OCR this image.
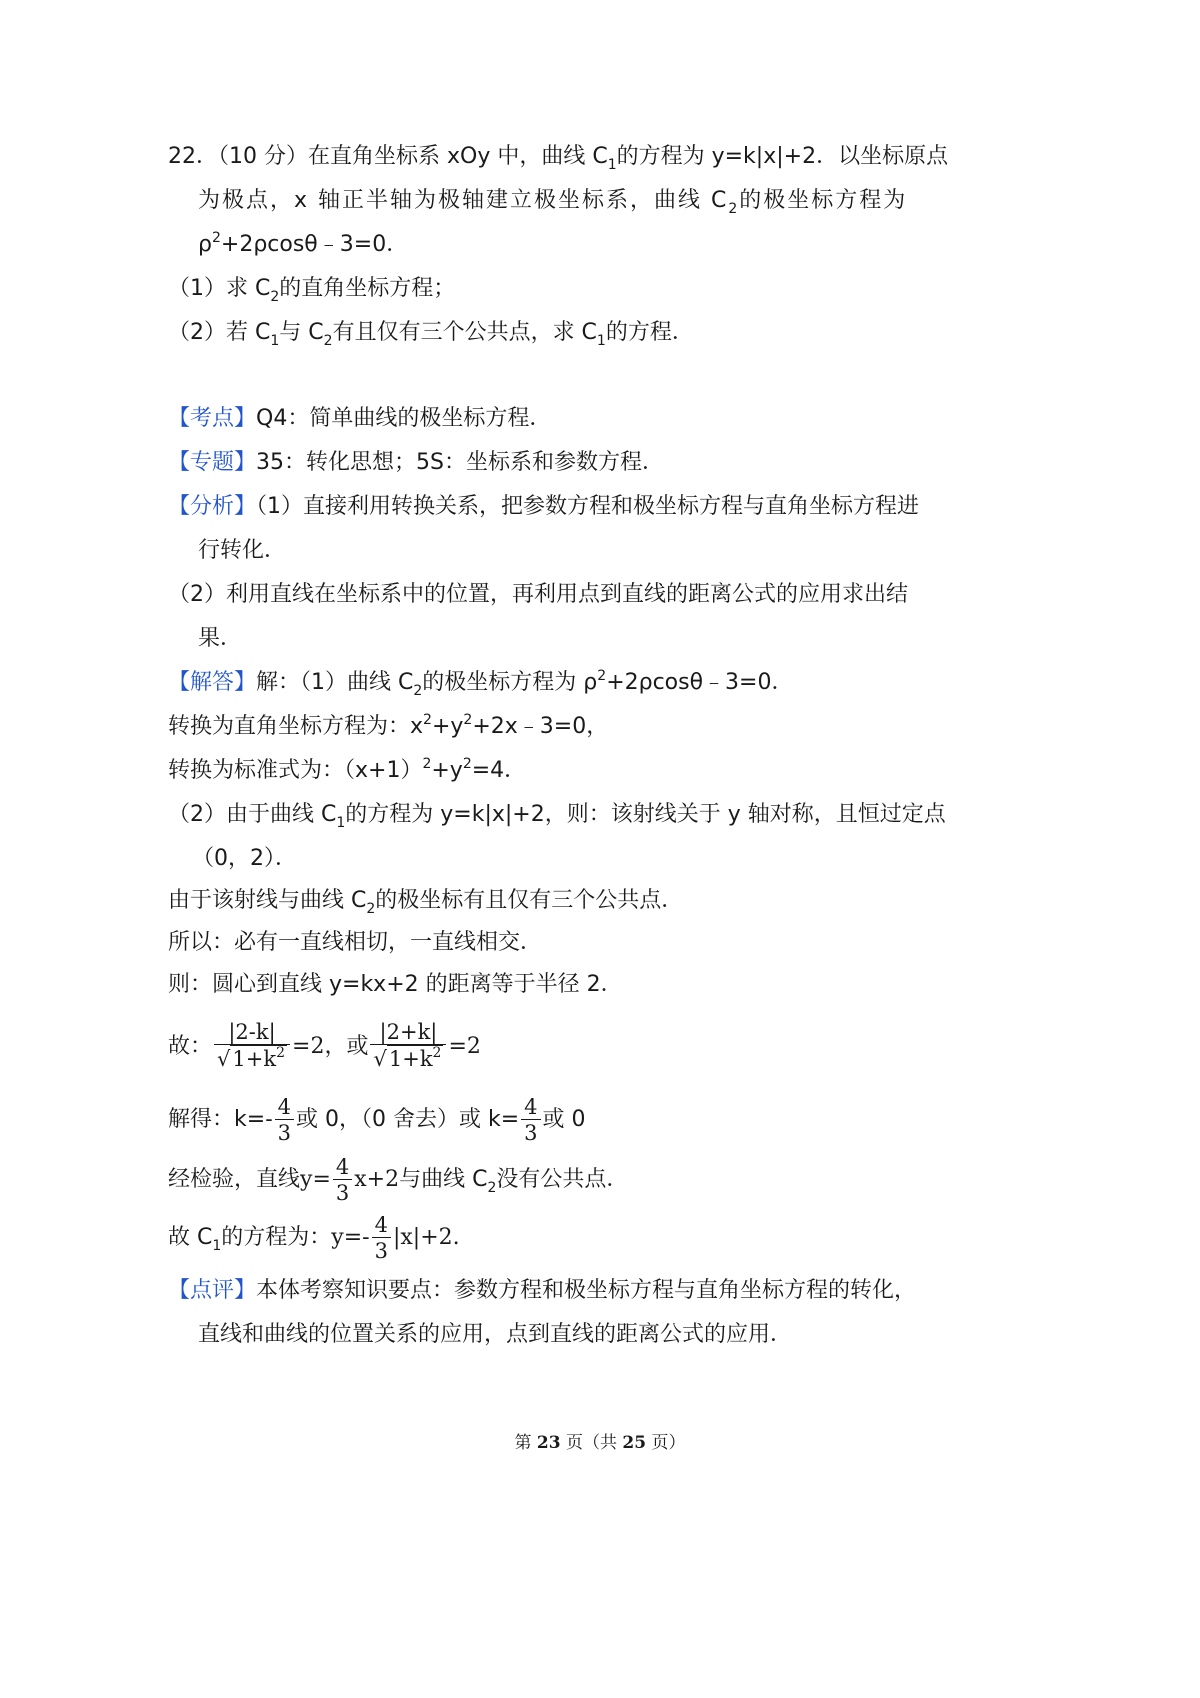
22．（10 分）在直角坐标系 xOy 中，曲线 $C_1$的方程为 y=k|x|+2．以坐标原点
为极点，x 轴正半轴为极轴建立极坐标系，曲线 $C_2$的极坐标方程为
$\rho^2+2\rho\cos\theta﹣3=0$．
（1）求 $C_2$的直角坐标方程；
（2）若 $C_1$与 $C_2$有且仅有三个公共点，求 $C_1$的方程．
【考点】Q4：简单曲线的极坐标方程．
【专题】35：转化思想；5S：坐标系和参数方程．
【分析】（1）直接利用转换关系，把参数方程和极坐标方程与直角坐标方程进
行转化．
（2）利用直线在坐标系中的位置，再利用点到直线的距离公式的应用求出结
果．
【解答】解：（1）曲线 $C_2$的极坐标方程为 $\rho^2+2\rho\cos\theta﹣3=0$．
转换为直角坐标方程为：$x^2+y^2+2x﹣3=0$，
转换为标准式为：$(x+1)^2+y^2=4$．
（2）由于曲线 $C_1$的方程为 y=k|x|+2，则：该射线关于 y 轴对称，且恒过定点
（0，2）．
由于该射线与曲线 $C_2$的极坐标有且仅有三个公共点．
所以：必有一直线相切，一直线相交．
则：圆心到直线 y=kx+2 的距离等于半径 2．
故： $\frac{|2-k|}{√1+k^2} =2$，或 $\frac{|2+k|}{√1+k^2} =2$
解得：$k=- \frac{4}{3}$ 或 0，（0 舍去）或 $k= \frac{4}{3}$ 或 0
经检验，直线$y= \frac{4}{3} x+2$与曲线 $C_2$没有公共点．
故 $C_1$的方程为：$y=- \frac{4}{3} |x|+2$.
【点评】本体考察知识要点：参数方程和极坐标方程与直角坐标方程的转化，
直线和曲线的位置关系的应用，点到直线的距离公式的应用．
第 23 页（共 25 页）
